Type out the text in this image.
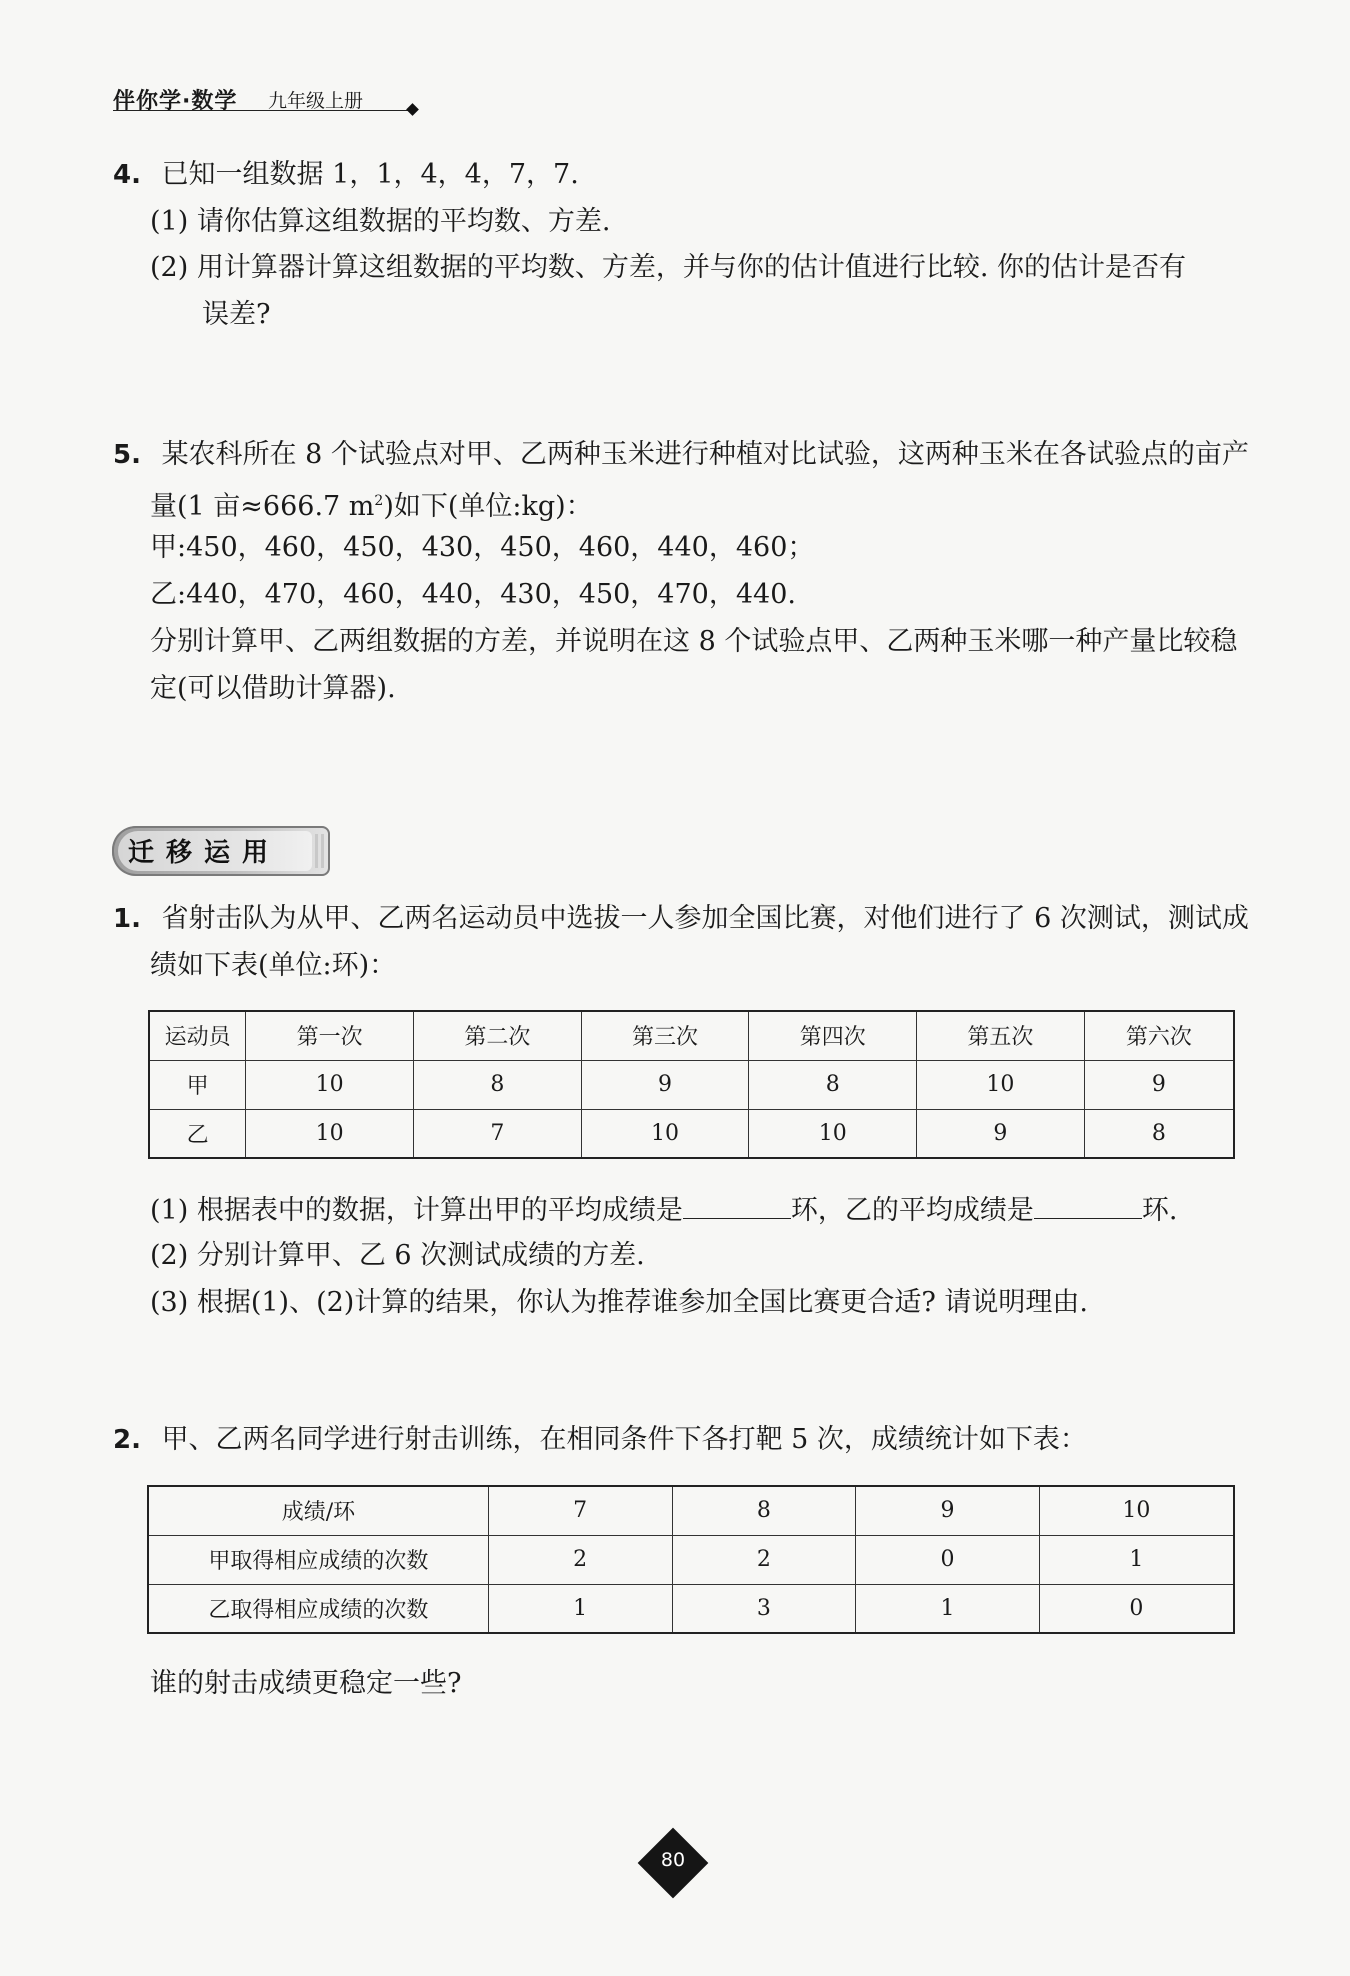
伴你学·数学 九年级上册
4. 已知一组数据 1，1，4，4，7，7.
(1) 请你估算这组数据的平均数、方差.
(2) 用计算器计算这组数据的平均数、方差，并与你的估计值进行比较. 你的估计是否有
误差?
5. 某农科所在 8 个试验点对甲、乙两种玉米进行种植对比试验，这两种玉米在各试验点的亩产
量(1 亩≈666.7 $m^2$)如下(单位:kg)：
甲:450，460，450，430，450，460，440，460；
乙:440，470，460，440，430，450，470，440.
分别计算甲、乙两组数据的方差，并说明在这 8 个试验点甲、乙两种玉米哪一种产量比较稳
定(可以借助计算器).
迁移运用
1. 省射击队为从甲、乙两名运动员中选拔一人参加全国比赛，对他们进行了 6 次测试，测试成
绩如下表(单位:环)：
运动员	第一次	第二次	第三次	第四次	第五次	第六次
甲	10	8	9	8	10	9
乙	10	7	10	10	9	8
(1) 根据表中的数据，计算出甲的平均成绩是	环，乙的平均成绩是	环.
(2) 分别计算甲、乙 6 次测试成绩的方差.
(3) 根据(1)、(2)计算的结果，你认为推荐谁参加全国比赛更合适? 请说明理由.
2. 甲、乙两名同学进行射击训练，在相同条件下各打靶 5 次，成绩统计如下表：
成绩/环	7	8	9	10
甲取得相应成绩的次数	2	2	0	1
乙取得相应成绩的次数	1	3	1	0
谁的射击成绩更稳定一些?
80
